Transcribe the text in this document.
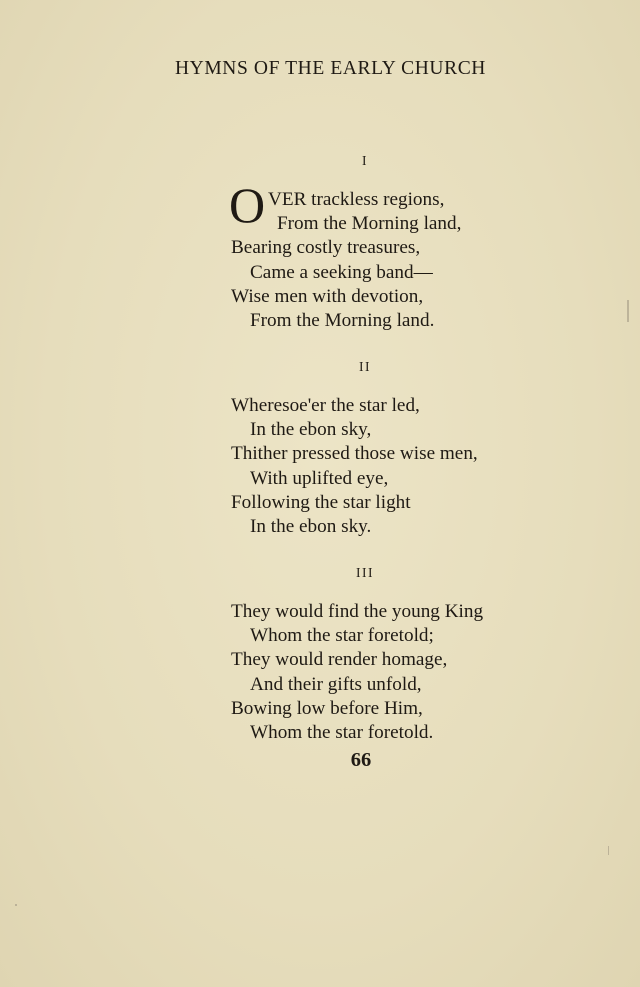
HYMNS OF THE EARLY CHURCH
I
O VER trackless regions,
From the Morning land,
Bearing costly treasures,
Came a seeking band—
Wise men with devotion,
From the Morning land.
II
Wheresoe'er the star led,
In the ebon sky,
Thither pressed those wise men,
With uplifted eye,
Following the star light
In the ebon sky.
III
They would find the young King
Whom the star foretold;
They would render homage,
And their gifts unfold,
Bowing low before Him,
Whom the star foretold.
66
